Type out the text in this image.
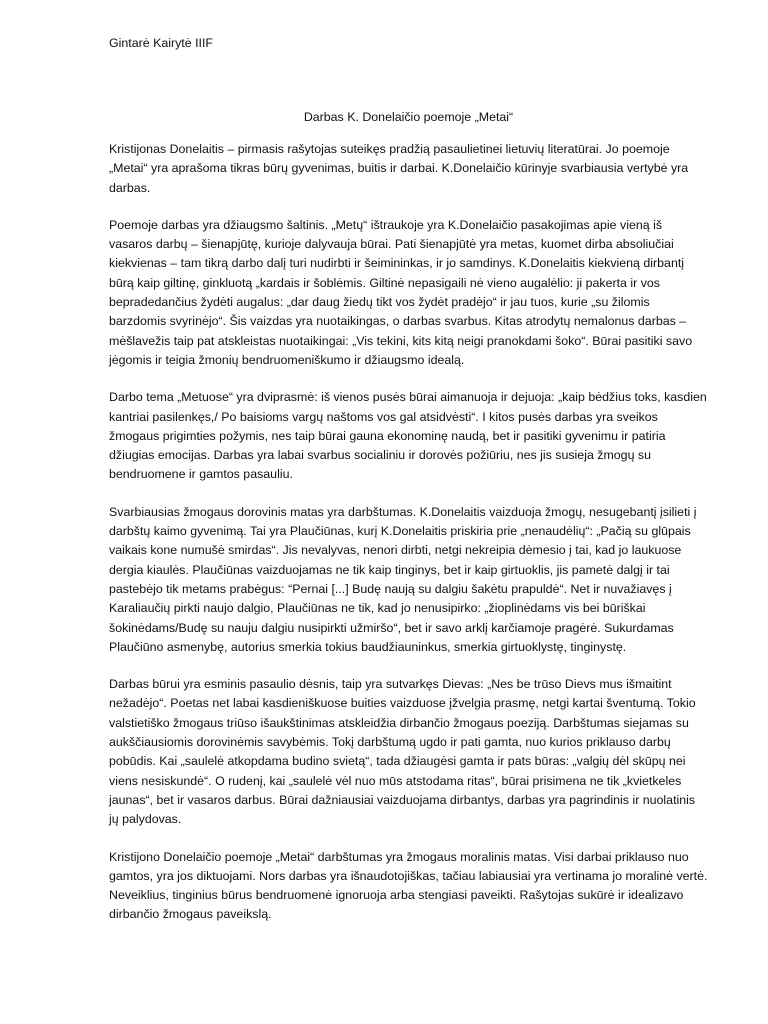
Gintarė Kairytė IIIF

Darbas K. Donelaičio poemoje „Metai“

Kristijonas Donelaitis – pirmasis rašytojas suteikęs pradžią pasaulietinei lietuvių literatūrai. Jo poemoje „Metai“ yra aprašoma tikras būrų gyvenimas, buitis ir darbai. K.Donelaičio kūrinyje svarbiausia vertybė yra darbas.

Poemoje darbas yra džiaugsmo šaltinis. „Metų“ ištraukoje yra K.Donelaičio pasakojimas apie vieną iš vasaros darbų – šienapjūtę, kurioje dalyvauja būrai. Pati šienapjūtė yra metas, kuomet dirba absoliučiai kiekvienas – tam tikrą darbo dalį turi nudirbti ir šeimininkas, ir jo samdinys. K.Donelaitis kiekvieną dirbantį būrą kaip giltinę, ginkluotą „kardais ir šoblėmis. Giltinė nepasigaili nė vieno augalėlio: ji pakerta ir vos bepradedančius žydėti augalus: „dar daug žiedų tikt vos žydėt pradėjo“ ir jau tuos, kurie „su žilomis barzdomis svyrinėjo“. Šis vaizdas yra nuotaikingas, o darbas svarbus. Kitas atrodytų nemalonus darbas – mėšlavežis taip pat atskleistas nuotaikingai: „Vis tekini, kits kitą neigi pranokdami šoko“. Būrai pasitiki savo jėgomis ir teigia žmonių bendruomeniškumo ir džiaugsmo idealą.

Darbo tema „Metuose“ yra dviprasmė: iš vienos pusės būrai aimanuoja ir dejuoja: „kaip bėdžius toks, kasdien kantriai pasilenkęs,/ Po baisioms vargų naštoms vos gal atsidvėsti“. I kitos pusės darbas yra sveikos žmogaus prigimties požymis, nes taip būrai gauna ekonominę naudą, bet ir pasitiki gyvenimu ir patiria džiugias emocijas. Darbas yra labai svarbus socialiniu ir dorovės požiūriu, nes jis susieja žmogų su bendruomene ir gamtos pasauliu.

Svarbiausias žmogaus dorovinis matas yra darbštumas. K.Donelaitis vaizduoja žmogų, nesugebantį įsilieti į darbštų kaimo gyvenimą. Tai yra Plaučiūnas, kurį K.Donelaitis priskiria prie „nenaudėlių“: „Pačią su glūpais vaikais kone numušė smirdas“. Jis nevalyvas, nenori dirbti, netgi nekreipia dėmesio į tai, kad jo laukuose dergia kiaulės. Plaučiūnas vaizduojamas ne tik kaip tinginys, bet ir kaip girtuoklis, jis pametė dalgį ir tai pastebėjo tik metams prabėgus: “Pernai [...] Budę naują su dalgiu šakėtu prapuldė“. Net ir nuvažiavęs į Karaliaučių pirkti naujo dalgio, Plaučiūnas ne tik, kad jo nenusipirko: „žioplinėdams vis bei būriškai šokinėdams/Budę su nauju dalgiu nusipirkti užmiršo“, bet ir savo arklį karčiamoje pragėrė. Sukurdamas Plaučiūno asmenybę, autorius smerkia tokius baudžiauninkus, smerkia girtuoklystę, tinginystę.

Darbas būrui yra esminis pasaulio dėsnis, taip yra sutvarkęs Dievas: „Nes be trūso Dievs mus išmaitint nežadėjo“. Poetas net labai kasdieniškuose buities vaizduose įžvelgia prasmę, netgi kartai šventumą. Tokio valstietiško žmogaus triūso išaukštinimas atskleidžia dirbančio žmogaus poeziją. Darbštumas siejamas su aukščiausiomis dorovinėmis savybėmis. Tokį darbštumą ugdo ir pati gamta, nuo kurios priklauso darbų pobūdis. Kai „saulelė atkopdama budino svietą“, tada džiaugėsi gamta ir pats būras: „valgių dėl skūpų nei viens nesiskundė“. O rudenį, kai „saulelė vėl nuo mūs atstodama ritas“, būrai prisimena ne tik „kvietkeles jaunas“, bet ir vasaros darbus. Būrai dažniausiai vaizduojama dirbantys, darbas yra pagrindinis ir nuolatinis jų palydovas.

Kristijono Donelaičio poemoje „Metai“ darbštumas yra žmogaus moralinis matas. Visi darbai priklauso nuo gamtos, yra jos diktuojami. Nors darbas yra išnaudotojiškas, tačiau labiausiai yra vertinama jo moralinė vertė. Neveiklius, tinginius būrus bendruomenė ignoruoja arba stengiasi paveikti. Rašytojas sukūrė ir idealizavo dirbančio žmogaus paveikslą.
